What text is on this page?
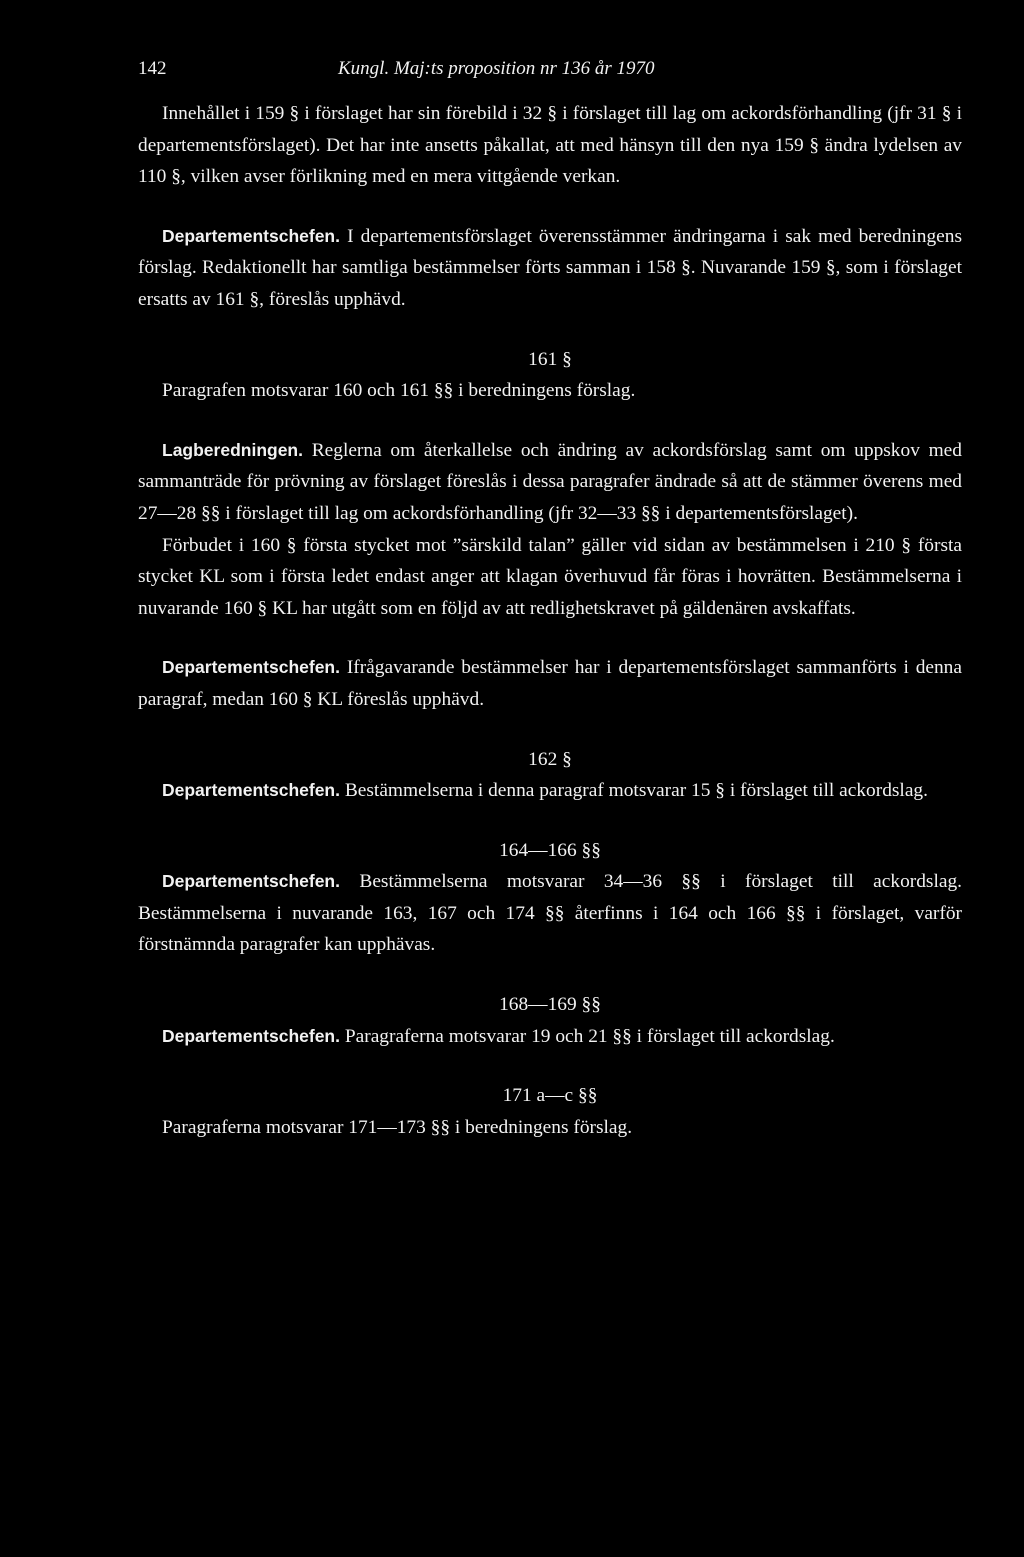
142	Kungl. Maj:ts proposition nr 136 år 1970

Innehållet i 159 § i förslaget har sin förebild i 32 § i förslaget till lag om ackordsförhandling (jfr 31 § i departementsförslaget). Det har inte ansetts påkallat, att med hänsyn till den nya 159 § ändra lydelsen av 110 §, vilken avser förlikning med en mera vittgående verkan.

Departementschefen. I departementsförslaget överensstämmer ändringarna i sak med beredningens förslag. Redaktionellt har samtliga bestämmelser förts samman i 158 §. Nuvarande 159 §, som i förslaget ersatts av 161 §, föreslås upphävd.

161 §

Paragrafen motsvarar 160 och 161 §§ i beredningens förslag.

Lagberedningen. Reglerna om återkallelse och ändring av ackordsförslag samt om uppskov med sammanträde för prövning av förslaget föreslås i dessa paragrafer ändrade så att de stämmer överens med 27—28 §§ i förslaget till lag om ackordsförhandling (jfr 32—33 §§ i departementsförslaget).

Förbudet i 160 § första stycket mot ”särskild talan” gäller vid sidan av bestämmelsen i 210 § första stycket KL som i första ledet endast anger att klagan överhuvud får föras i hovrätten. Bestämmelserna i nuvarande 160 § KL har utgått som en följd av att redlighetskravet på gäldenären avskaffats.

Departementschefen. Ifrågavarande bestämmelser har i departementsförslaget sammanförts i denna paragraf, medan 160 § KL föreslås upphävd.

162 §

Departementschefen. Bestämmelserna i denna paragraf motsvarar 15 § i förslaget till ackordslag.

164—166 §§

Departementschefen. Bestämmelserna motsvarar 34—36 §§ i förslaget till ackordslag. Bestämmelserna i nuvarande 163, 167 och 174 §§ återfinns i 164 och 166 §§ i förslaget, varför förstnämnda paragrafer kan upphävas.

168—169 §§

Departementschefen. Paragraferna motsvarar 19 och 21 §§ i förslaget till ackordslag.

171 a—c §§

Paragraferna motsvarar 171—173 §§ i beredningens förslag.
